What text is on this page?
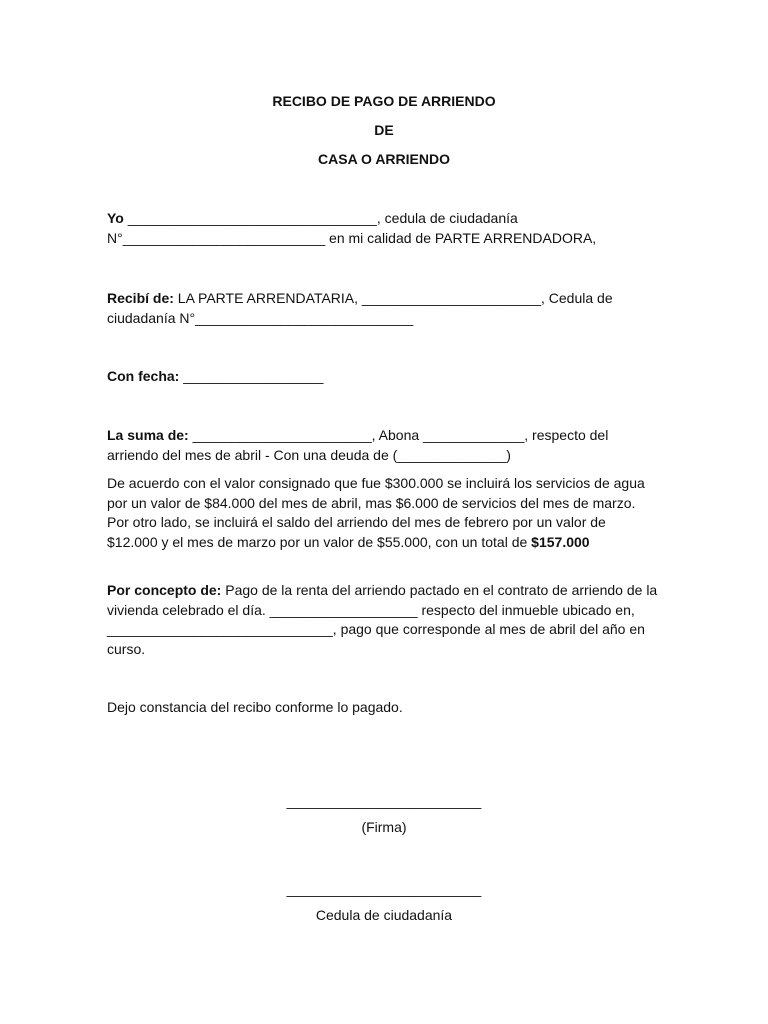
RECIBO DE PAGO DE ARRIENDO
DE
CASA O ARRIENDO
Yo ________________________________, cedula de ciudadanía N°__________________________ en mi calidad de PARTE ARRENDADORA,
Recibí de: LA PARTE ARRENDATARIA, _______________________, Cedula de ciudadanía N°____________________________
Con fecha: __________________
La suma de: _______________________, Abona _____________, respecto del arriendo del mes de abril - Con una deuda de (______________)
De acuerdo con el valor consignado que fue $300.000 se incluirá los servicios de agua por un valor de $84.000 del mes de abril, mas $6.000 de servicios del mes de marzo. Por otro lado, se incluirá el saldo del arriendo del mes de febrero por un valor de $12.000 y el mes de marzo por un valor de $55.000, con un total de $157.000
Por concepto de: Pago de la renta del arriendo pactado en el contrato de arriendo de la vivienda celebrado el día. ___________________ respecto del inmueble ubicado en, _____________________________, pago que corresponde al mes de abril del año en curso.
Dejo constancia del recibo conforme lo pagado.
_________________________
(Firma)
_________________________
Cedula de ciudadanía
